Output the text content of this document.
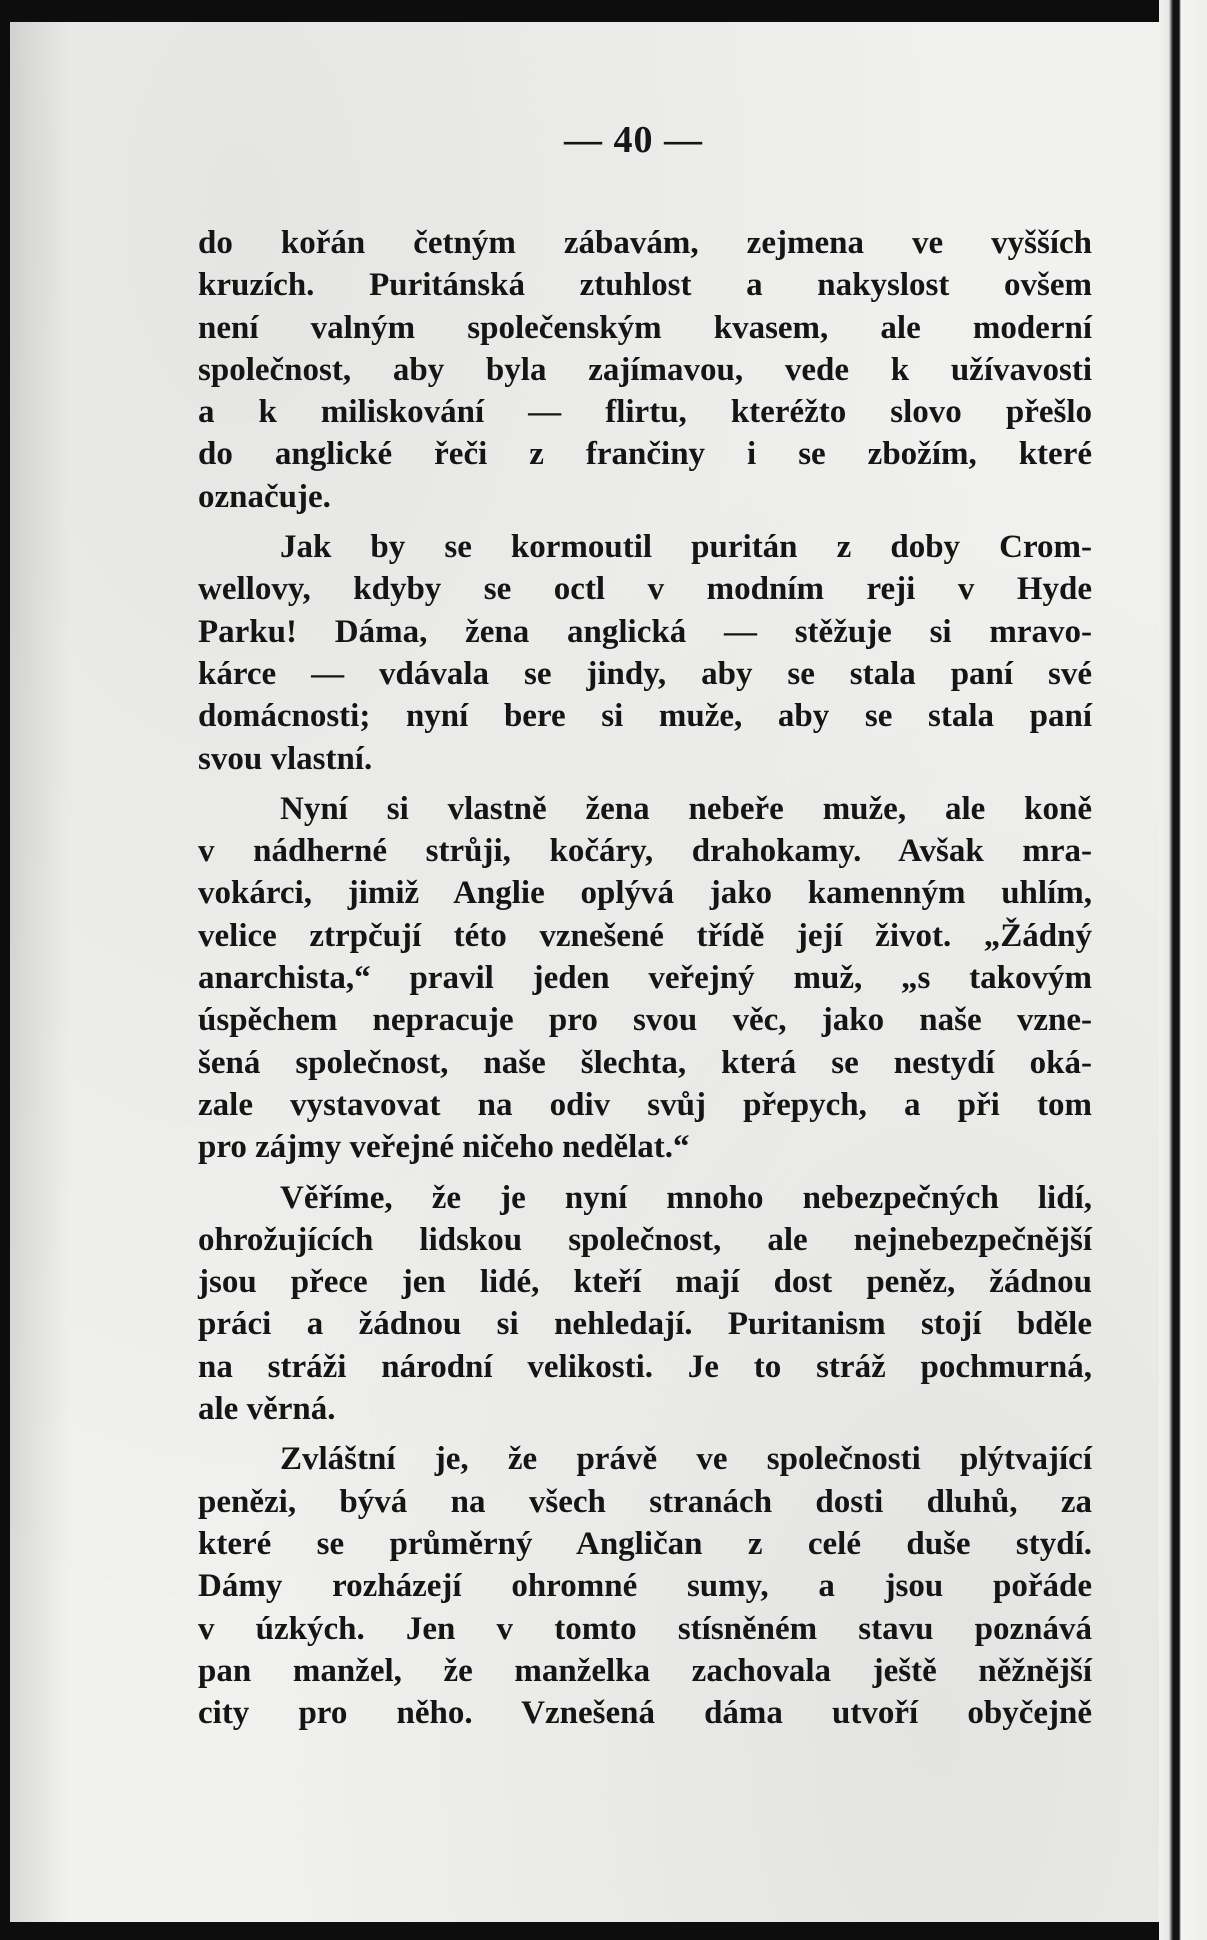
— 40 —
do kořán četným zábavám, zejmena ve vyšších
kruzích. Puritánská ztuhlost a nakyslost ovšem
není valným společenským kvasem, ale moderní
společnost, aby byla zajímavou, vede k užívavosti
a k miliskování — flirtu, kteréžto slovo přešlo
do anglické řeči z frančiny i se zbožím, které
označuje.
Jak by se kormoutil puritán z doby Crom-
wellovy, kdyby se octl v modním reji v Hyde
Parku! Dáma, žena anglická — stěžuje si mravo-
kárce — vdávala se jindy, aby se stala paní své
domácnosti; nyní bere si muže, aby se stala paní
svou vlastní.
Nyní si vlastně žena nebeře muže, ale koně
v nádherné strůji, kočáry, drahokamy. Avšak mra-
vokárci, jimiž Anglie oplývá jako kamenným uhlím,
velice ztrpčují této vznešené třídě její život. „Žádný
anarchista,“ pravil jeden veřejný muž, „s takovým
úspěchem nepracuje pro svou věc, jako naše vzne-
šená společnost, naše šlechta, která se nestydí oká-
zale vystavovat na odiv svůj přepych, a při tom
pro zájmy veřejné ničeho nedělat.“
Věříme, že je nyní mnoho nebezpečných lidí,
ohrožujících lidskou společnost, ale nejnebezpečnější
jsou přece jen lidé, kteří mají dost peněz, žádnou
práci a žádnou si nehledají. Puritanism stojí bděle
na stráži národní velikosti. Je to stráž pochmurná,
ale věrná.
Zvláštní je, že právě ve společnosti plýtvající
penězi, bývá na všech stranách dosti dluhů, za
které se průměrný Angličan z celé duše stydí.
Dámy rozházejí ohromné sumy, a jsou pořáde
v úzkých. Jen v tomto stísněném stavu poznává
pan manžel, že manželka zachovala ještě něžnější
city pro něho. Vznešená dáma utvoří obyčejně
